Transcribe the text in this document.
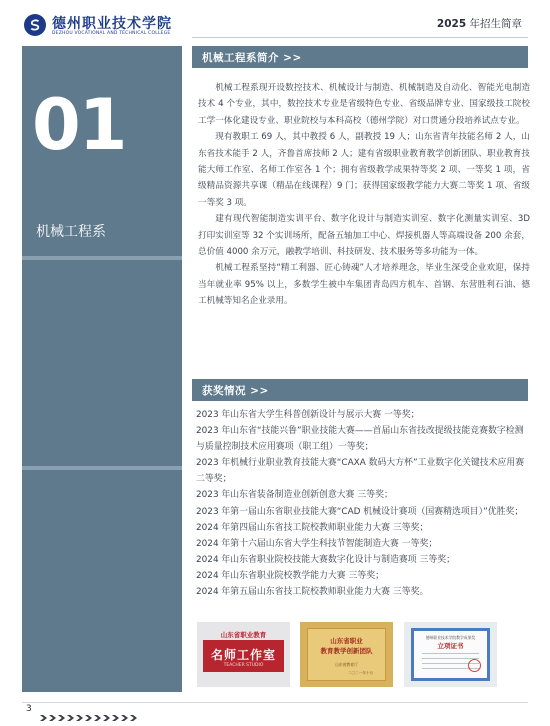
德州职业技术学院
DEZHOU VOCATIONAL AND TECHNICAL COLLEGE
2025 年招生简章
01
机械工程系
机械工程系简介 >>

机械工程系现开设数控技术、机械设计与制造、机械制造及自动化、智能光电制造技术 4 个专业，其中，数控技术专业是省级特色专业、省级品牌专业、国家级技工院校工学一体化建设专业、职业院校与本科高校（德州学院）对口贯通分段培养试点专业。

现有教职工 69 人，其中教授 6 人，副教授 19 人；山东省青年技能名师 2 人，山东省技术能手 2 人，齐鲁首席技师 2 人；建有省级职业教育教学创新团队、职业教育技能大师工作室、名师工作室各 1 个；拥有省级教学成果特等奖 2 项、一等奖 1 项，省级精品资源共享课（精品在线课程）9 门；获得国家级教学能力大赛二等奖 1 项、省级一等奖 3 项。

建有现代智能制造实训平台、数字化设计与制造实训室、数字化测量实训室、3D 打印实训室等 32 个实训场所，配备五轴加工中心、焊接机器人等高端设备 200 余套，总价值 4000 余万元，融教学培训、科技研发、技术服务等多功能为一体。

机械工程系坚持“精工利器、匠心铸魂”人才培养理念，毕业生深受企业欢迎，保持当年就业率 95% 以上，多数学生被中车集团青岛四方机车、首钢、东营胜利石油、德工机械等知名企业录用。

获奖情况 >>
2023 年山东省大学生科普创新设计与展示大赛 一等奖；
2023 年山东省“技能兴鲁”职业技能大赛——首届山东省技改提级技能竞赛数字检测与质量控制技术应用赛项（职工组）一等奖；
2023 年机械行业职业教育技能大赛“CAXA 数码大方杯”工业数字化关键技术应用赛 二等奖；
2023 年山东省装备制造业创新创意大赛 三等奖；
2023 年第一届山东省职业技能大赛“CAD 机械设计赛项（国赛精选项目）”优胜奖；
2024 年第四届山东省技工院校教师职业能力大赛 三等奖；
2024 年第十六届山东省大学生科技节智能制造大赛 一等奖；
2024 年山东省职业院校技能大赛数字化设计与制造赛项 三等奖；
2024 年山东省职业院校教学能力大赛 三等奖；
2024 年第五届山东省技工院校教师职业能力大赛 三等奖。
山东省职业教育
名师工作室
TEACHER STUDIO
山东省职业
教育教学创新团队
山东省教育厅
二〇二一年十月
德州职业技术学院教学成果奖
立项证书
3
